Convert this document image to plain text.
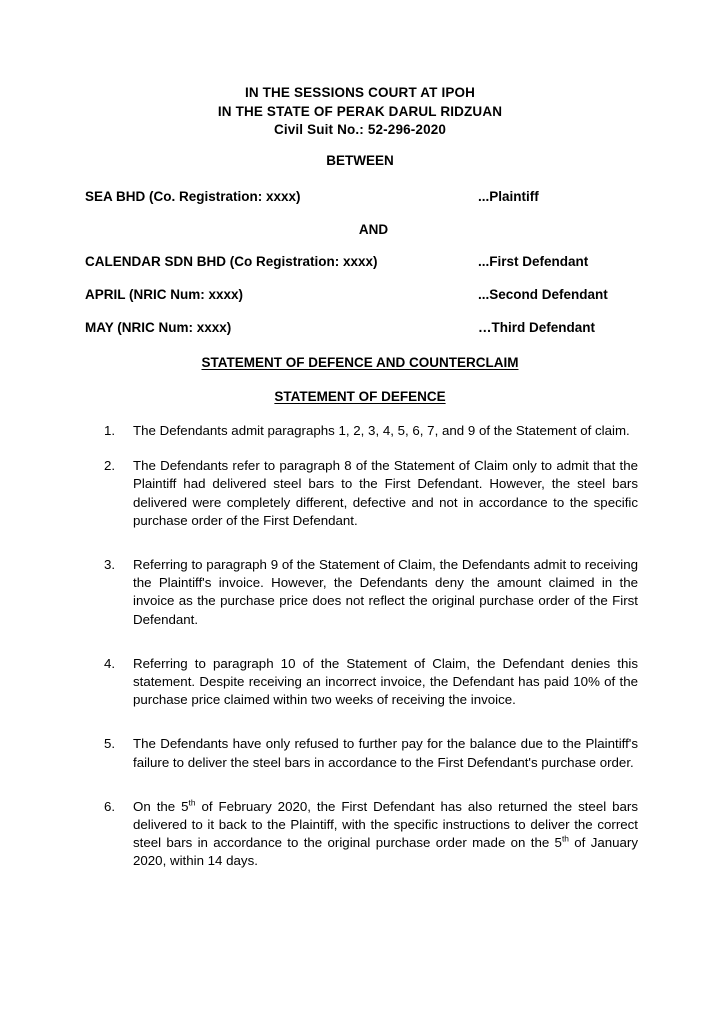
IN THE SESSIONS COURT AT IPOH
IN THE STATE OF PERAK DARUL RIDZUAN
Civil Suit No.: 52-296-2020
BETWEEN
SEA BHD (Co. Registration: xxxx)	...Plaintiff
AND
CALENDAR SDN BHD (Co Registration: xxxx)	...First Defendant
APRIL (NRIC Num: xxxx)	...Second Defendant
MAY (NRIC Num: xxxx)	…Third Defendant
STATEMENT OF DEFENCE AND COUNTERCLAIM
STATEMENT OF DEFENCE
1.	The Defendants admit paragraphs 1, 2, 3, 4, 5, 6, 7, and 9 of the Statement of claim.
2.	The Defendants refer to paragraph 8 of the Statement of Claim only to admit that the Plaintiff had delivered steel bars to the First Defendant. However, the steel bars delivered were completely different, defective and not in accordance to the specific purchase order of the First Defendant.
3.	Referring to paragraph 9 of the Statement of Claim, the Defendants admit to receiving the Plaintiff's invoice. However, the Defendants deny the amount claimed in the invoice as the purchase price does not reflect the original purchase order of the First Defendant.
4.	Referring to paragraph 10 of the Statement of Claim, the Defendant denies this statement. Despite receiving an incorrect invoice, the Defendant has paid 10% of the purchase price claimed within two weeks of receiving the invoice.
5.	The Defendants have only refused to further pay for the balance due to the Plaintiff's failure to deliver the steel bars in accordance to the First Defendant's purchase order.
6.	On the 5th of February 2020, the First Defendant has also returned the steel bars delivered to it back to the Plaintiff, with the specific instructions to deliver the correct steel bars in accordance to the original purchase order made on the 5th of January 2020, within 14 days.
